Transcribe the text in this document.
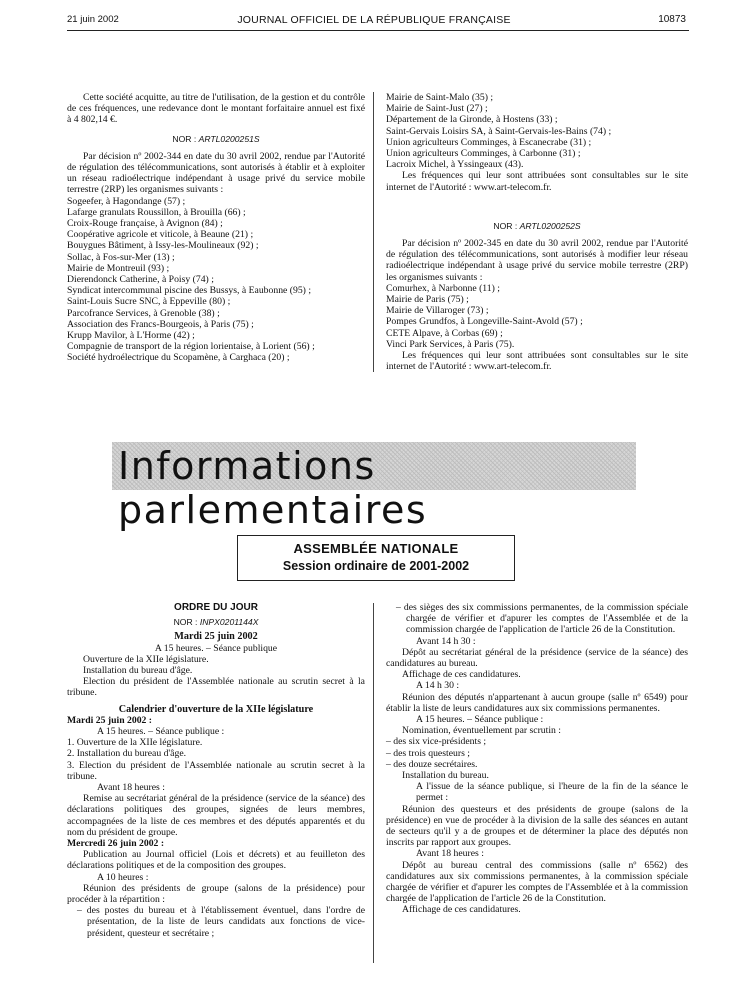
21 juin 2002	JOURNAL OFFICIEL DE LA RÉPUBLIQUE FRANÇAISE	10873

Cette société acquitte, au titre de l'utilisation, de la gestion et du contrôle de ces fréquences, une redevance dont le montant forfaitaire annuel est fixé à 4 802,14 €.

NOR : ARTL0200251S

Par décision nº 2002-344 en date du 30 avril 2002, rendue par l'Autorité de régulation des télécommunications, sont autorisés à établir et à exploiter un réseau radioélectrique indépendant à usage privé du service mobile terrestre (2RP) les organismes suivants :

Sogeefer, à Hagondange (57) ;

Lafarge granulats Roussillon, à Brouilla (66) ;

Croix-Rouge française, à Avignon (84) ;

Coopérative agricole et viticole, à Beaune (21) ;

Bouygues Bâtiment, à Issy-les-Moulineaux (92) ;

Sollac, à Fos-sur-Mer (13) ;

Mairie de Montreuil (93) ;

Dierendonck Catherine, à Poisy (74) ;

Syndicat intercommunal piscine des Bussys, à Eaubonne (95) ;

Saint-Louis Sucre SNC, à Eppeville (80) ;

Parcofrance Services, à Grenoble (38) ;

Association des Francs-Bourgeois, à Paris (75) ;

Krupp Mavilor, à L'Horme (42) ;

Compagnie de transport de la région lorientaise, à Lorient (56) ;

Société hydroélectrique du Scopamène, à Carghaca (20) ;

Mairie de Saint-Malo (35) ;

Mairie de Saint-Just (27) ;

Département de la Gironde, à Hostens (33) ;

Saint-Gervais Loisirs SA, à Saint-Gervais-les-Bains (74) ;

Union agriculteurs Comminges, à Escanecrabe (31) ;

Union agriculteurs Comminges, à Carbonne (31) ;

Lacroix Michel, à Yssingeaux (43).

Les fréquences qui leur sont attribuées sont consultables sur le site internet de l'Autorité : www.art-telecom.fr.

NOR : ARTL0200252S

Par décision nº 2002-345 en date du 30 avril 2002, rendue par l'Autorité de régulation des télécommunications, sont autorisés à modifier leur réseau radioélectrique indépendant à usage privé du service mobile terrestre (2RP) les organismes suivants :

Comurhex, à Narbonne (11) ;

Mairie de Paris (75) ;

Mairie de Villaroger (73) ;

Pompes Grundfos, à Longeville-Saint-Avold (57) ;

CETE Alpave, à Corbas (69) ;

Vinci Park Services, à Paris (75).

Les fréquences qui leur sont attribuées sont consultables sur le site internet de l'Autorité : www.art-telecom.fr.

Informations parlementaires
ASSEMBLÉE NATIONALE
Session ordinaire de 2001-2002

ORDRE DU JOUR

NOR : INPX0201144X

Mardi 25 juin 2002

A 15 heures. – Séance publique

Ouverture de la XIIe législature.

Installation du bureau d'âge.

Election du président de l'Assemblée nationale au scrutin secret à la tribune.

Calendrier d'ouverture de la XIIe législature

Mardi 25 juin 2002 :

A 15 heures. – Séance publique :

1. Ouverture de la XIIe législature.

2. Installation du bureau d'âge.

3. Election du président de l'Assemblée nationale au scrutin secret à la tribune.

Avant 18 heures :

Remise au secrétariat général de la présidence (service de la séance) des déclarations politiques des groupes, signées de leurs membres, accompagnées de la liste de ces membres et des députés apparentés et du nom du président de groupe.

Mercredi 26 juin 2002 :

Publication au Journal officiel (Lois et décrets) et au feuilleton des déclarations politiques et de la composition des groupes.

A 10 heures :

Réunion des présidents de groupe (salons de la présidence) pour procéder à la répartition :

– des postes du bureau et à l'établissement éventuel, dans l'ordre de présentation, de la liste de leurs candidats aux fonctions de vice-président, questeur et secrétaire ;

– des sièges des six commissions permanentes, de la commission spéciale chargée de vérifier et d'apurer les comptes de l'Assemblée et de la commission chargée de l'application de l'article 26 de la Constitution.

Avant 14 h 30 :

Dépôt au secrétariat général de la présidence (service de la séance) des candidatures au bureau.

Affichage de ces candidatures.

A 14 h 30 :

Réunion des députés n'appartenant à aucun groupe (salle nº 6549) pour établir la liste de leurs candidatures aux six commissions permanentes.

A 15 heures. – Séance publique :

Nomination, éventuellement par scrutin :

– des six vice-présidents ;

– des trois questeurs ;

– des douze secrétaires.

Installation du bureau.

A l'issue de la séance publique, si l'heure de la fin de la séance le permet :

Réunion des questeurs et des présidents de groupe (salons de la présidence) en vue de procéder à la division de la salle des séances en autant de secteurs qu'il y a de groupes et de déterminer la place des députés non inscrits par rapport aux groupes.

Avant 18 heures :

Dépôt au bureau central des commissions (salle nº 6562) des candidatures aux six commissions permanentes, à la commission spéciale chargée de vérifier et d'apurer les comptes de l'Assemblée et à la commission chargée de l'application de l'article 26 de la Constitution.

Affichage de ces candidatures.
